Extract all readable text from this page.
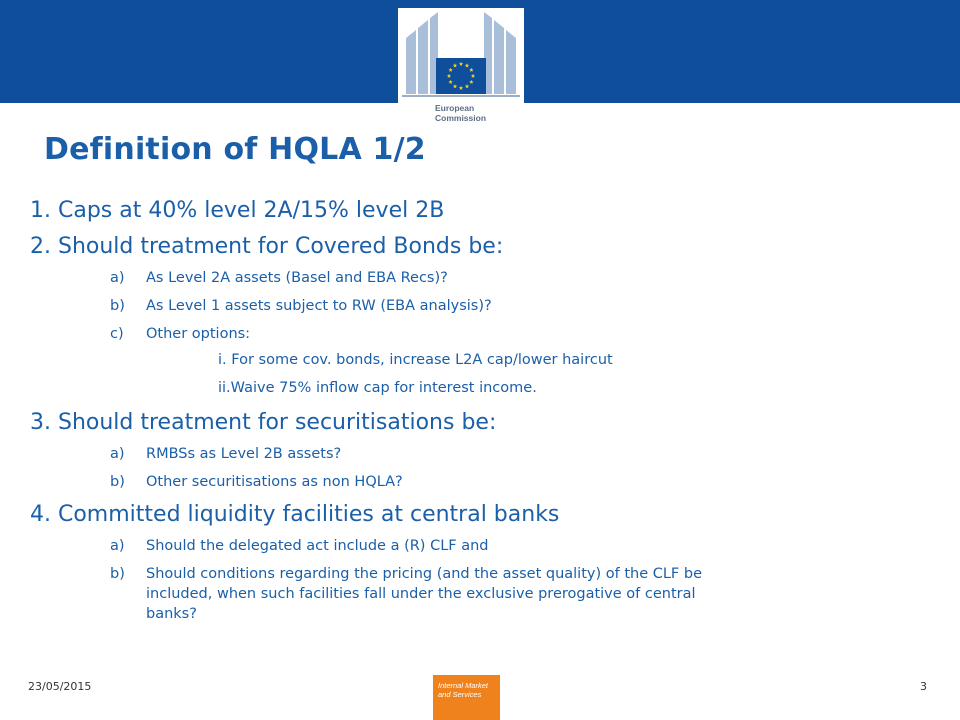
European
Commission
Definition of HQLA 1/2
1. Caps at 40% level 2A/15% level 2B
2. Should treatment for Covered Bonds be:
a) As Level 2A assets (Basel and EBA Recs)?
b) As Level 1 assets subject to RW (EBA analysis)?
c) Other options:
i. For some cov. bonds, increase L2A cap/lower haircut
ii.Waive 75% inflow cap for interest income.
3. Should treatment for securitisations be:
a) RMBSs as Level 2B assets?
b) Other securitisations as non HQLA?
4. Committed liquidity facilities at central banks
a) Should the delegated act include a (R) CLF and
b) Should conditions regarding the pricing (and the asset quality) of the CLF be
included, when such facilities fall under the exclusive prerogative of central
banks?
23/05/2015	Internal Market
and Services
3
